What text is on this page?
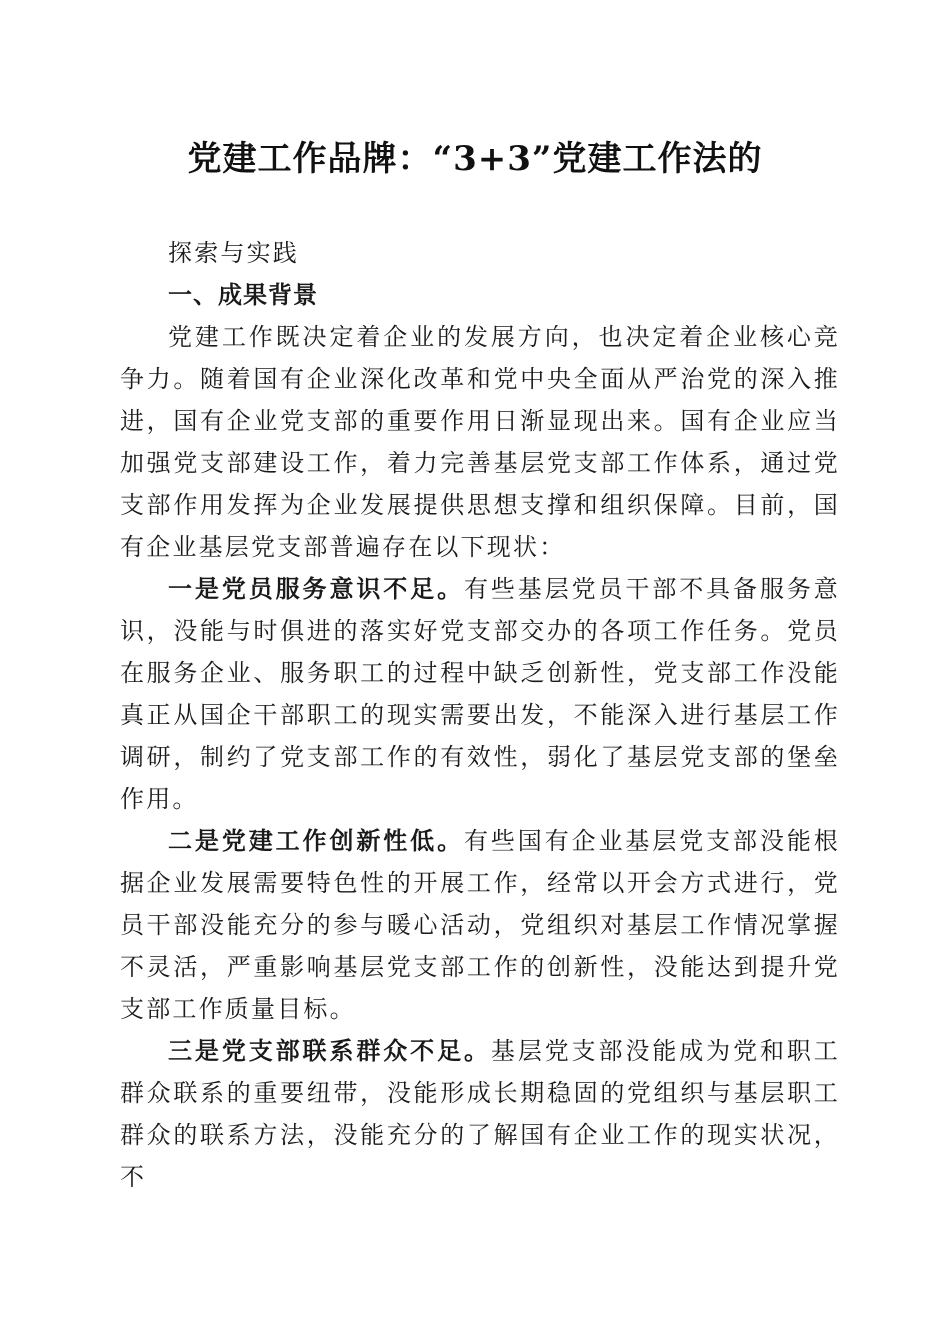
党建工作品牌：“3+3”党建工作法的

探索与实践

一、成果背景

党建工作既决定着企业的发展方向，也决定着企业核心竞争力。随着国有企业深化改革和党中央全面从严治党的深入推进，国有企业党支部的重要作用日渐显现出来。国有企业应当加强党支部建设工作，着力完善基层党支部工作体系，通过党支部作用发挥为企业发展提供思想支撑和组织保障。目前，国有企业基层党支部普遍存在以下现状：

一是党员服务意识不足。有些基层党员干部不具备服务意识，没能与时俱进的落实好党支部交办的各项工作任务。党员在服务企业、服务职工的过程中缺乏创新性，党支部工作没能真正从国企干部职工的现实需要出发，不能深入进行基层工作调研，制约了党支部工作的有效性，弱化了基层党支部的堡垒作用。

二是党建工作创新性低。有些国有企业基层党支部没能根据企业发展需要特色性的开展工作，经常以开会方式进行，党员干部没能充分的参与暖心活动，党组织对基层工作情况掌握不灵活，严重影响基层党支部工作的创新性，没能达到提升党支部工作质量目标。

三是党支部联系群众不足。基层党支部没能成为党和职工群众联系的重要纽带，没能形成长期稳固的党组织与基层职工群众的联系方法，没能充分的了解国有企业工作的现实状况，不
